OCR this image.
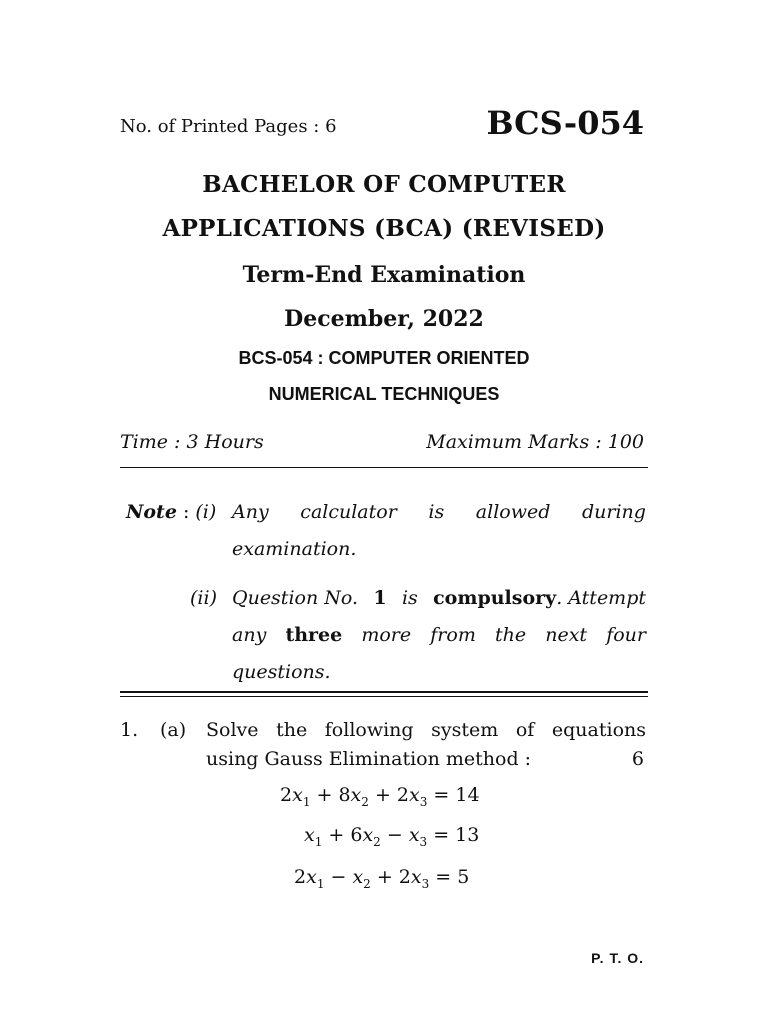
No. of Printed Pages : 6	BCS-054
BACHELOR OF COMPUTER
APPLICATIONS (BCA) (REVISED)
Term-End Examination
December, 2022
BCS-054 : COMPUTER ORIENTED
NUMERICAL TECHNIQUES
Time : 3 Hours	Maximum Marks : 100
Note : (i) Any calculator is allowed during
examination.
(ii) Question No. 1 is compulsory. Attempt
any three more from the next four
questions.
1. (a) Solve the following system of equations
using Gauss Elimination method :	6
$2x_1 + 8x_2 + 2x_3 = 14$
$x_1 + 6x_2 - x_3 = 13$
$2x_1 - x_2 + 2x_3 = 5$
P. T. O.
